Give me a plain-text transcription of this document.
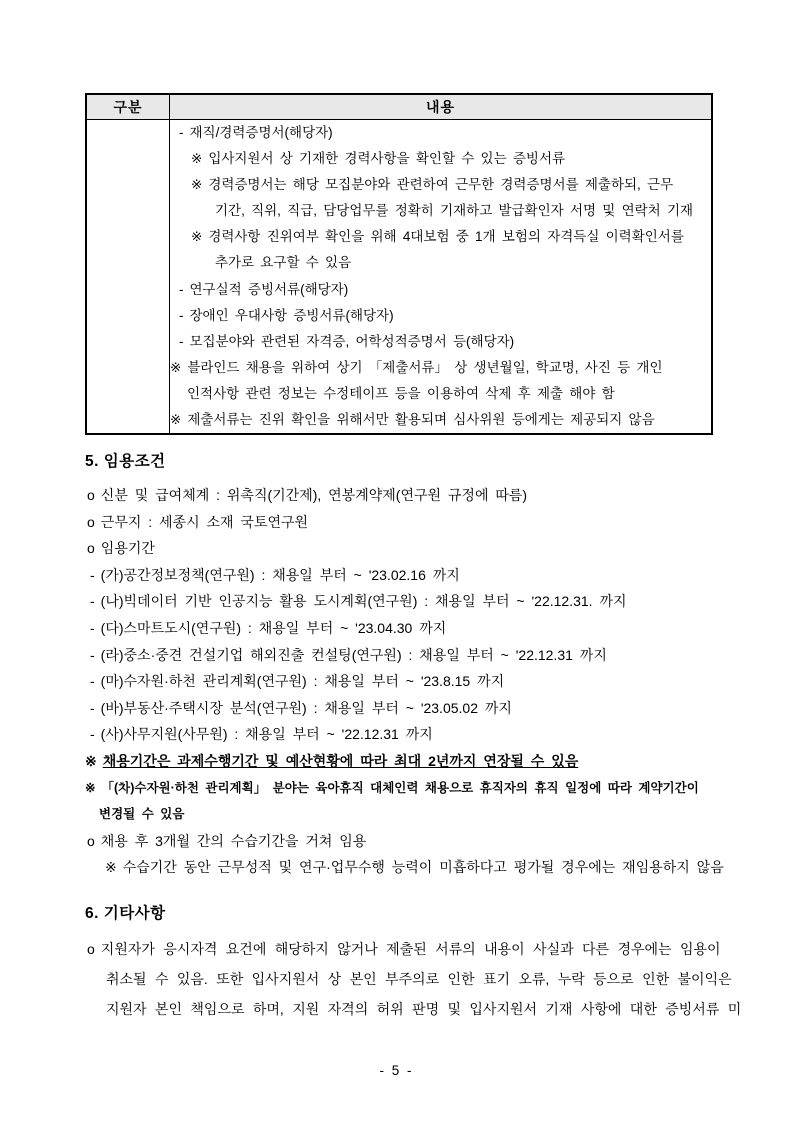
구분	내용

- 재직/경력증명서(해당자)
※ 입사지원서 상 기재한 경력사항을 확인할 수 있는 증빙서류
※ 경력증명서는 해당 모집분야와 관련하여 근무한 경력증명서를 제출하되, 근무
기간, 직위, 직급, 담당업무를 정확히 기재하고 발급확인자 서명 및 연락처 기재
※ 경력사항 진위여부 확인을 위해 4대보험 중 1개 보험의 자격득실 이력확인서를
추가로 요구할 수 있음
- 연구실적 증빙서류(해당자)
- 장애인 우대사항 증빙서류(해당자)
- 모집분야와 관련된 자격증, 어학성적증명서 등(해당자)
※ 블라인드 채용을 위하여 상기 「제출서류」 상 생년월일, 학교명, 사진 등 개인
인적사항 관련 정보는 수정테이프 등을 이용하여 삭제 후 제출 해야 함
※ 제출서류는 진위 확인을 위해서만 활용되며 심사위원 등에게는 제공되지 않음
5. 임용조건
o 신분 및 급여체계 : 위촉직(기간제), 연봉계약제(연구원 규정에 따름)
o 근무지 : 세종시 소재 국토연구원
o 임용기간
- (가)공간정보정책(연구원) : 채용일 부터 ~ '23.02.16 까지
- (나)빅데이터 기반 인공지능 활용 도시계획(연구원) : 채용일 부터 ~ '22.12.31. 까지
- (다)스마트도시(연구원) : 채용일 부터 ~ '23.04.30 까지
- (라)중소·중견 건설기업 해외진출 컨설팅(연구원) : 채용일 부터 ~ '22.12.31 까지
- (마)수자원·하천 관리계획(연구원) : 채용일 부터 ~ '23.8.15 까지
- (바)부동산·주택시장 분석(연구원) : 채용일 부터 ~ '23.05.02 까지
- (사)사무지원(사무원) : 채용일 부터 ~ '22.12.31 까지
※ 채용기간은 과제수행기간 및 예산현황에 따라 최대 2년까지 연장될 수 있음
※ 「(차)수자원·하천 관리계획」 분야는 육아휴직 대체인력 채용으로 휴직자의 휴직 일정에 따라 계약기간이
변경될 수 있음
o 채용 후 3개월 간의 수습기간을 거쳐 임용
※ 수습기간 동안 근무성적 및 연구·업무수행 능력이 미흡하다고 평가될 경우에는 재임용하지 않음
6. 기타사항
o 지원자가 응시자격 요건에 해당하지 않거나 제출된 서류의 내용이 사실과 다른 경우에는 임용이
취소될 수 있음. 또한 입사지원서 상 본인 부주의로 인한 표기 오류, 누락 등으로 인한 불이익은
지원자 본인 책임으로 하며, 지원 자격의 허위 판명 및 입사지원서 기재 사항에 대한 증빙서류 미
- 5 -
